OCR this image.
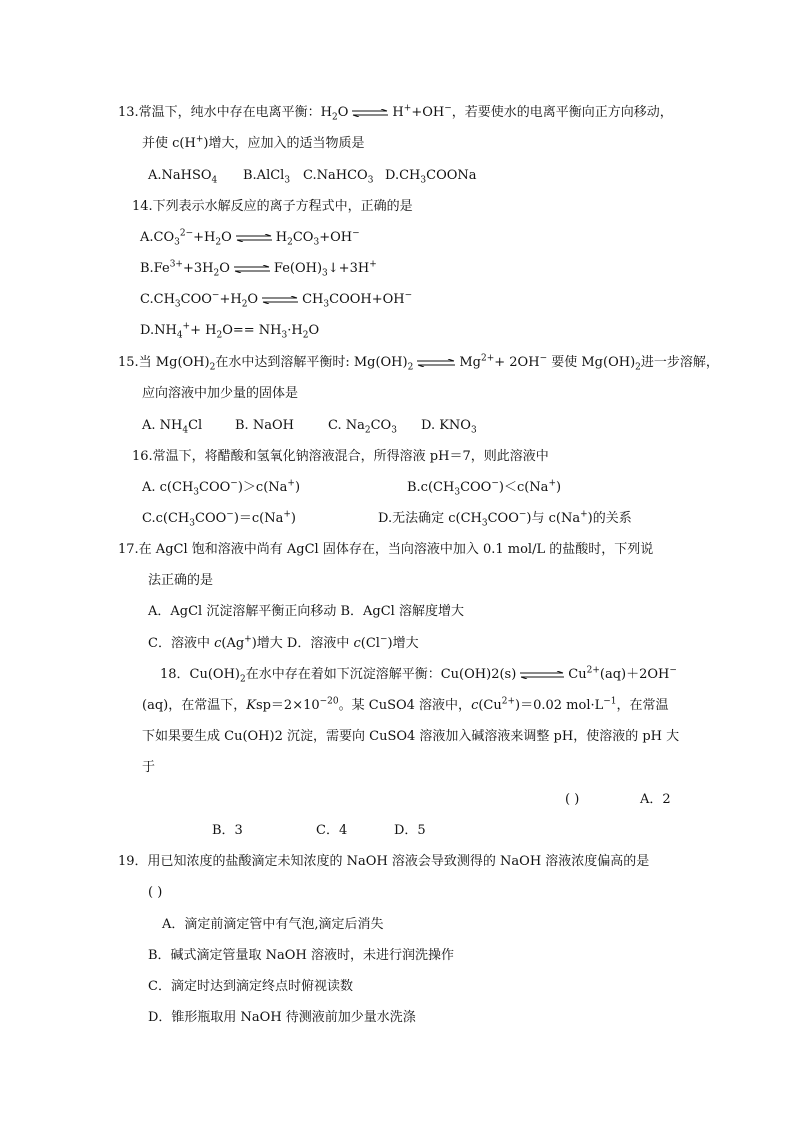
13.常温下，纯水中存在电离平衡：$H_2O$ ⇌ H++OH−，若要使水的电离平衡向正方向移动，
并使 c(H+)增大，应加入的适当物质是
A.NaHSO$_4$ B.AlCl$_3$ C.NaHCO$_3$ $D.CH_3COONa$
14.下列表示水解反应的离子方程式中，正确的是
$A.CO_3^{2-}+H_2O$ ⇌ $H_2CO_3+OH^-$
$B.Fe^{3+}+3H_2O$ ⇌ $Fe(OH)_3↓+3H^+$
$C.CH_3COO^-+H_2O$ ⇌ $CH_3COOH+OH^-$
$D.NH_4^++ H_2O== NH_3\cdot H_2O$
15.当 $Mg(OH)_2$在水中达到溶解平衡时: $Mg(OH)_2$ ⇌ $Mg^{2+}+ 2OH^-$ 要使 $Mg(OH)_2$进一步溶解，
应向溶液中加少量的固体是
A. $NH_4Cl$	B. NaOH	C. $Na_2CO_3$ D. $KNO_3$
16.常温下，将醋酸和氢氧化钠溶液混合，所得溶液 pH＝7，则此溶液中
A. $c(CH_3COO^-)>c(Na^+)$	$B.c(CH_3COO^-)<c(Na^+)$
$C.c(CH_3COO^-)=c(Na^+)$	D.无法确定 $c(CH_3COO^-)$与 c(Na+)的关系
17.在 AgCl 饱和溶液中尚有 AgCl 固体存在，当向溶液中加入 0.1 mol/L 的盐酸时，下列说
法正确的是
A．AgCl 沉淀溶解平衡正向移动 B．AgCl 溶解度增大
C．溶液中 c(Ag+)增大 D．溶液中 c(Cl−)增大
18．$Cu(OH)_2$在水中存在着如下沉淀溶解平衡：Cu(OH)2(s) ⇌ $Cu^{2+}(aq)+2OH^-$
(aq)，在常温下，$Ksp=2\times 10^{-20}$。某 CuSO4 溶液中，$c(Cu^{2+})=0.02$ $mol\cdot L^{-1}$，在常温
下如果要生成 Cu(OH)2 沉淀，需要向 CuSO4 溶液加入碱溶液来调整 pH，使溶液的 pH 大
于
( )	A．2
B．3	C．4	D．5
19．用已知浓度的盐酸滴定未知浓度的 NaOH 溶液会导致测得的 NaOH 溶液浓度偏高的是
( )
A．滴定前滴定管中有气泡,滴定后消失
B．碱式滴定管量取 NaOH 溶液时，未进行润洗操作
C．滴定时达到滴定终点时俯视读数
D．锥形瓶取用 NaOH 待测液前加少量水洗涤
